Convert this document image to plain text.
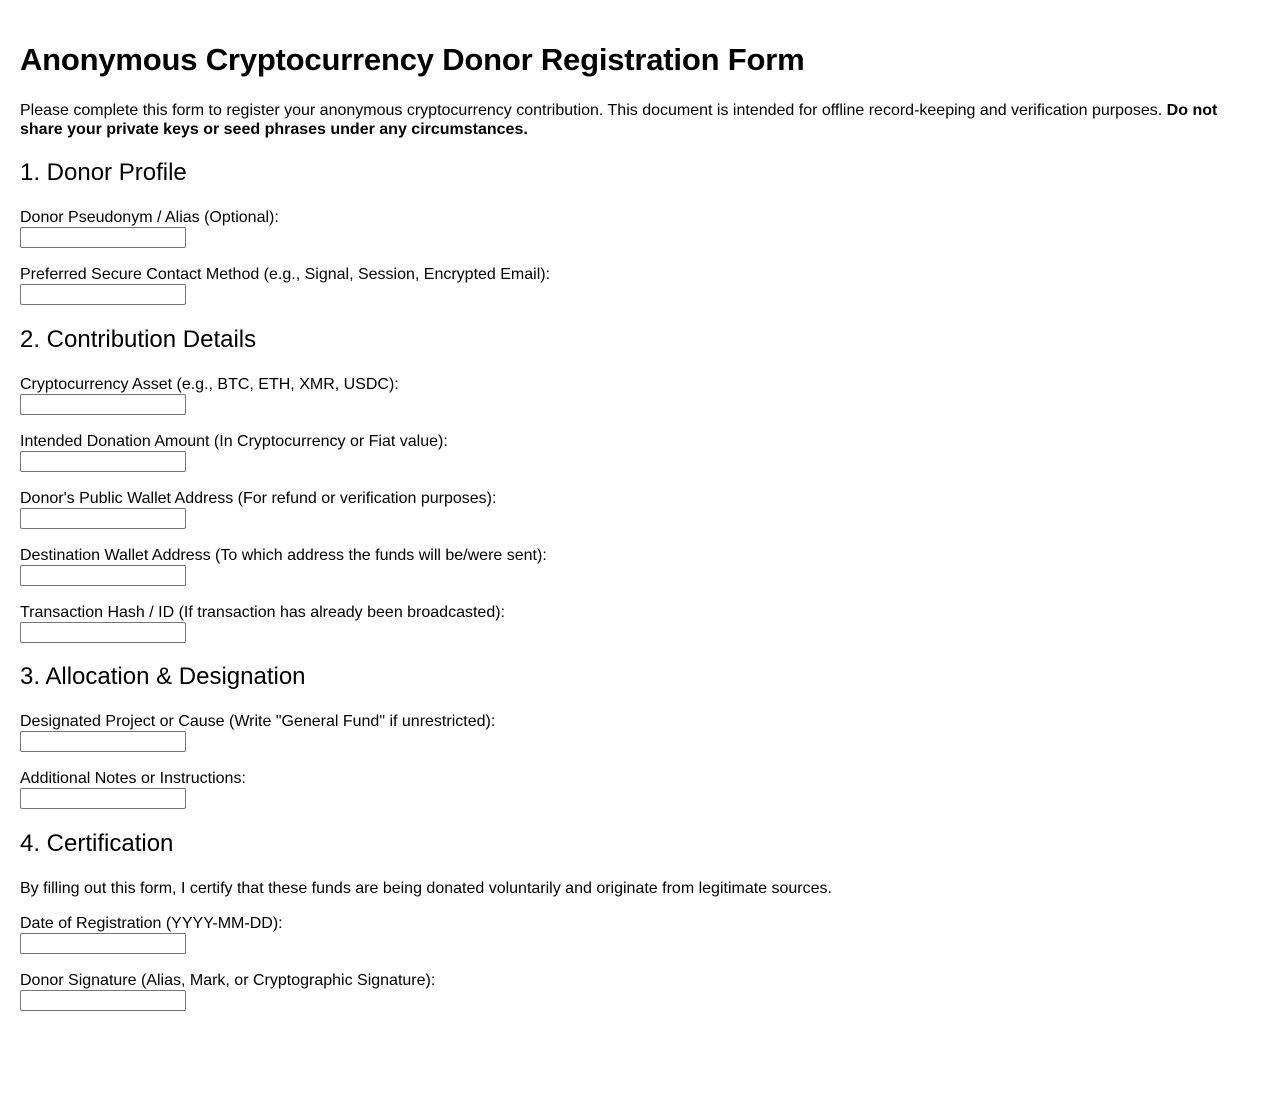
Anonymous Cryptocurrency Donor Registration Form

Please complete this form to register your anonymous cryptocurrency contribution. This document is intended for offline record-keeping and verification purposes. Do not share your private keys or seed phrases under any circumstances.

1. Donor Profile
Donor Pseudonym / Alias (Optional):
Preferred Secure Contact Method (e.g., Signal, Session, Encrypted Email):
2. Contribution Details
Cryptocurrency Asset (e.g., BTC, ETH, XMR, USDC):
Intended Donation Amount (In Cryptocurrency or Fiat value):
Donor's Public Wallet Address (For refund or verification purposes):
Destination Wallet Address (To which address the funds will be/were sent):
Transaction Hash / ID (If transaction has already been broadcasted):
3. Allocation & Designation
Designated Project or Cause (Write "General Fund" if unrestricted):
Additional Notes or Instructions:
4. Certification

By filling out this form, I certify that these funds are being donated voluntarily and originate from legitimate sources.

Date of Registration (YYYY-MM-DD):
Donor Signature (Alias, Mark, or Cryptographic Signature):
